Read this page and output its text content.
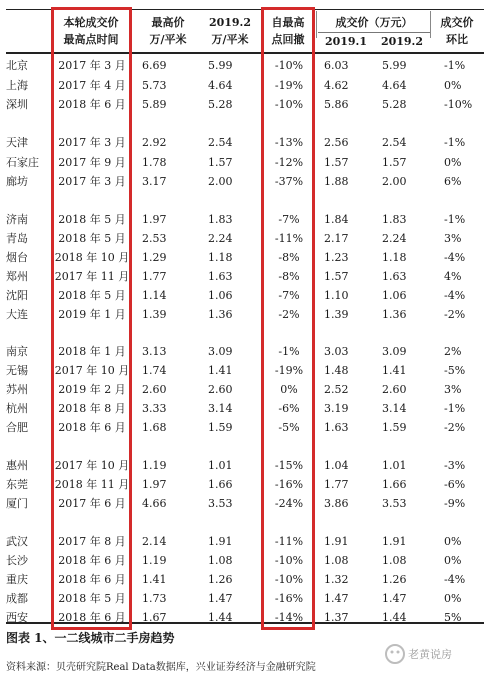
本轮成交价
最高点时间
最高价
万/平米
2019.2
万/平米
自最高
点回撤
成交价（万元）
2019.1	2019.2
成交价
环比
北京	2017 年 3 月	6.69	5.99	-10%	6.03	5.99	-1%
上海	2017 年 4 月	5.73	4.64	-19%	4.62	4.64	0%
深圳	2018 年 6 月	5.89	5.28	-10%	5.86	5.28	-10%
天津	2017 年 3 月	2.92	2.54	-13%	2.56	2.54	-1%
石家庄	2017 年 9 月	1.78	1.57	-12%	1.57	1.57	0%
廊坊	2017 年 3 月	3.17	2.00	-37%	1.88	2.00	6%
济南	2018 年 5 月	1.97	1.83	-7%	1.84	1.83	-1%
青岛	2018 年 5 月	2.53	2.24	-11%	2.17	2.24	3%
烟台	2018 年 10 月 1.29	1.18	-8%	1.23	1.18	-4%
郑州	2017 年 11 月 1.77	1.63	-8%	1.57	1.63	4%
沈阳	2018 年 5 月	1.14	1.06	-7%	1.10	1.06	-4%
大连	2019 年 1 月	1.39	1.36	-2%	1.39	1.36	-2%
南京	2018 年 1 月	3.13	3.09	-1%	3.03	3.09	2%
无锡	2017 年 10 月 1.74	1.41	-19%	1.48	1.41	-5%
苏州	2019 年 2 月	2.60	2.60	0%	2.52	2.60	3%
杭州	2018 年 8 月	3.33	3.14	-6%	3.19	3.14	-1%
合肥	2018 年 6 月	1.68	1.59	-5%	1.63	1.59	-2%
惠州	2017 年 10 月 1.19	1.01	-15%	1.04	1.01	-3%
东莞	2018 年 11 月 1.97	1.66	-16%	1.77	1.66	-6%
厦门	2017 年 6 月	4.66	3.53	-24%	3.86	3.53	-9%
武汉	2017 年 8 月	2.14	1.91	-11%	1.91	1.91	0%
长沙	2018 年 6 月	1.19	1.08	-10%	1.08	1.08	0%
重庆	2018 年 6 月	1.41	1.26	-10%	1.32	1.26	-4%
成都	2018 年 5 月	1.73	1.47	-16%	1.47	1.47	0%
西安	2018 年 6 月	1.67	1.44	-14%	1.37	1.44	5%
图表 1、一二线城市二手房趋势
资料来源：贝壳研究院Real Data数据库，兴业证券经济与金融研究院
老黄说房
